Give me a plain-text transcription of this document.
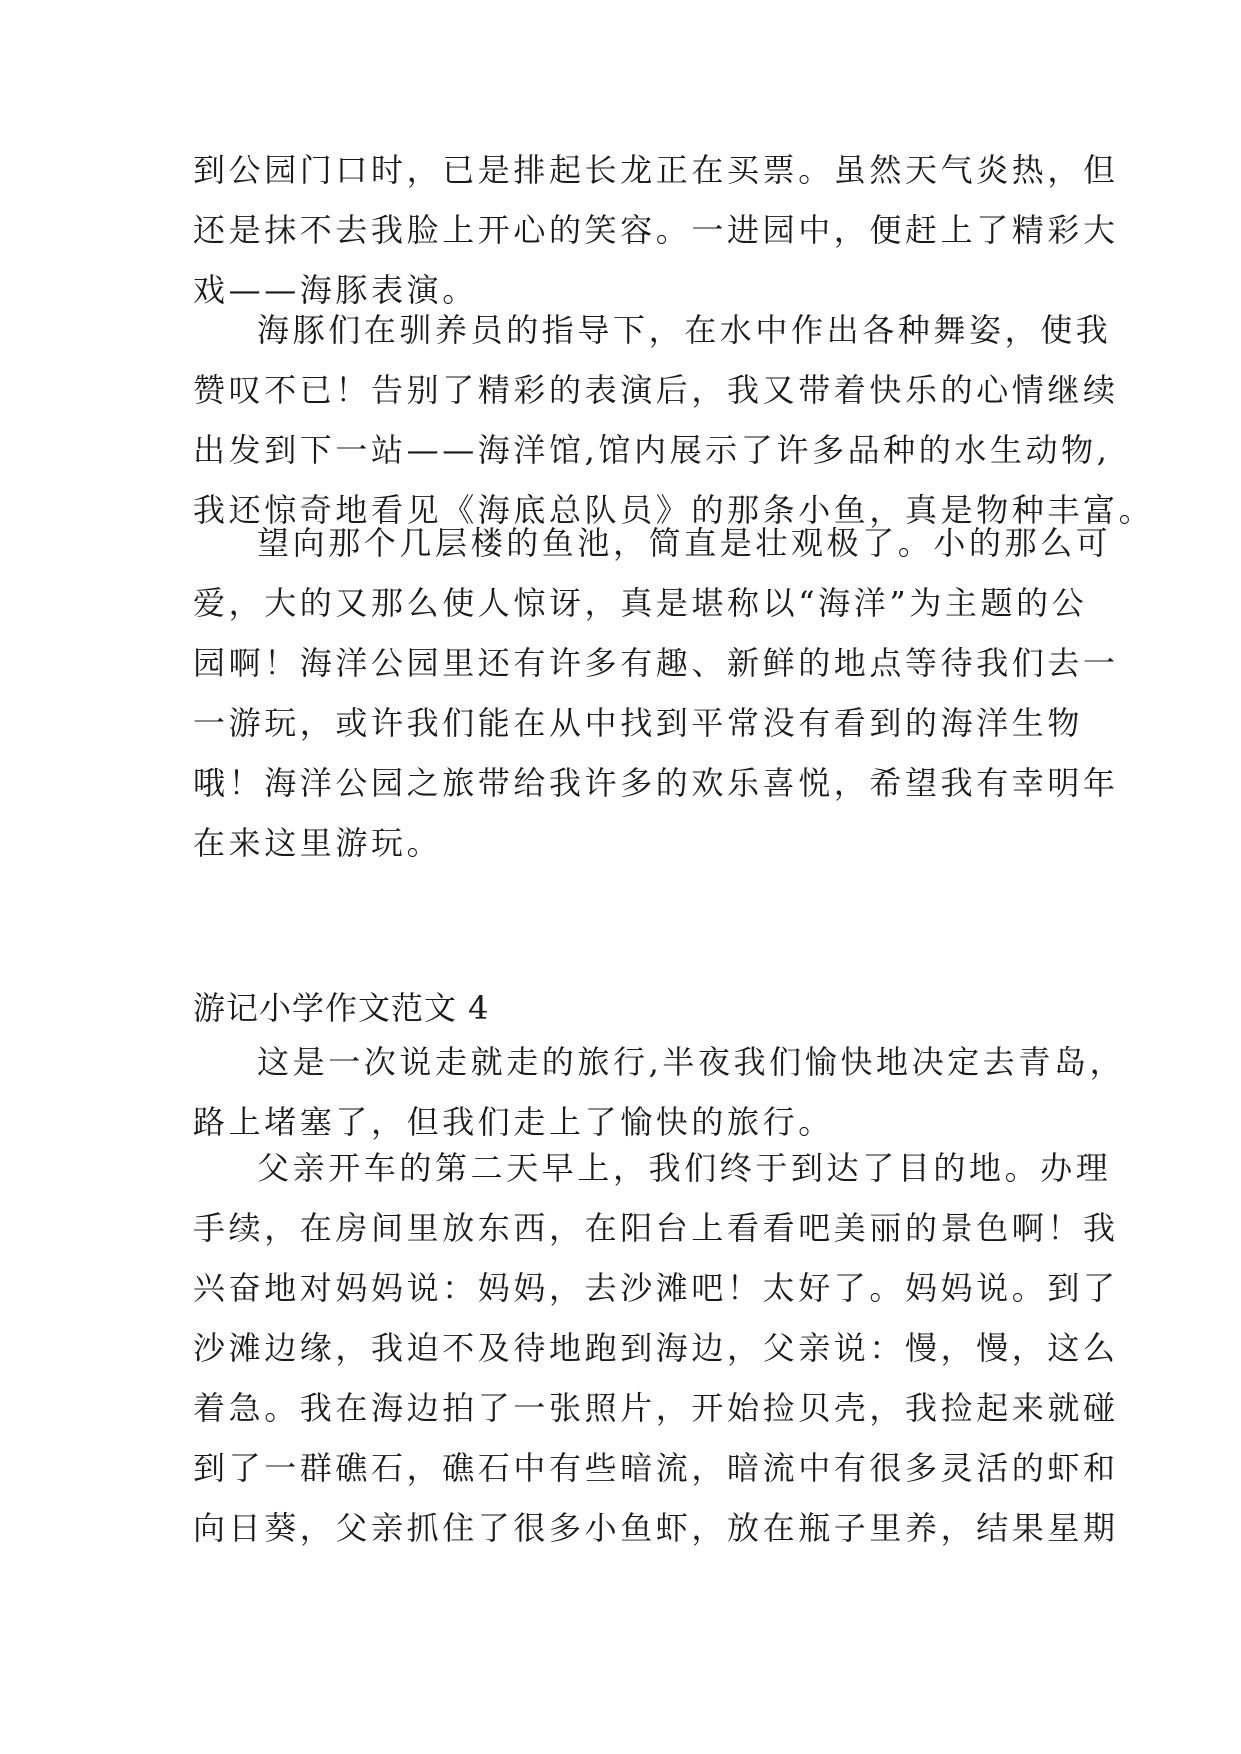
到公园门口时，已是排起长龙正在买票。虽然天气炎热，但
还是抹不去我脸上开心的笑容。一进园中，便赶上了精彩大
戏——海豚表演。

海豚们在驯养员的指导下，在水中作出各种舞姿，使我
赞叹不已！告别了精彩的表演后，我又带着快乐的心情继续
出发到下一站——海洋馆,馆内展示了许多品种的水生动物,
我还惊奇地看见《海底总队员》的那条小鱼，真是物种丰富。

望向那个几层楼的鱼池，简直是壮观极了。小的那么可
爱，大的又那么使人惊讶，真是堪称以“海洋”为主题的公
园啊！海洋公园里还有许多有趣、新鲜的地点等待我们去一
一游玩，或许我们能在从中找到平常没有看到的海洋生物
哦！海洋公园之旅带给我许多的欢乐喜悦，希望我有幸明年
在来这里游玩。

游记小学作文范文 4

这是一次说走就走的旅行,半夜我们愉快地决定去青岛，
路上堵塞了，但我们走上了愉快的旅行。

父亲开车的第二天早上，我们终于到达了目的地。办理
手续，在房间里放东西，在阳台上看看吧美丽的景色啊！我
兴奋地对妈妈说：妈妈，去沙滩吧！太好了。妈妈说。到了
沙滩边缘，我迫不及待地跑到海边，父亲说：慢，慢，这么
着急。我在海边拍了一张照片，开始捡贝壳，我捡起来就碰
到了一群礁石，礁石中有些暗流，暗流中有很多灵活的虾和
向日葵，父亲抓住了很多小鱼虾，放在瓶子里养，结果星期
